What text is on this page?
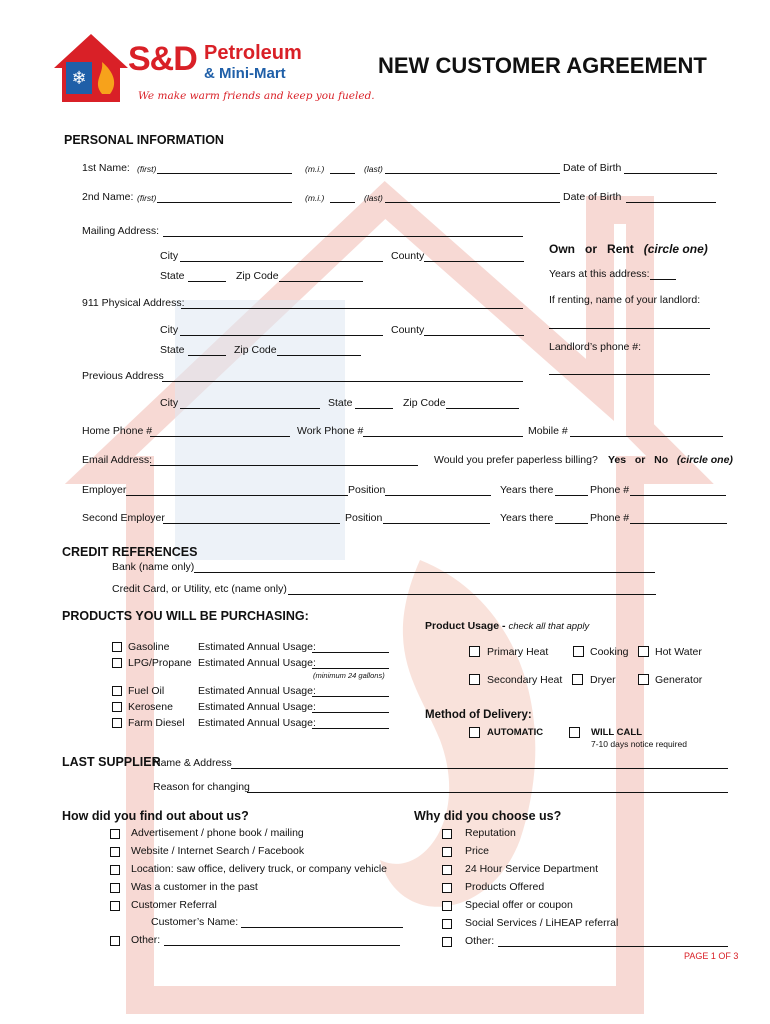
❄
S&D Petroleum
& Mini-Mart
We make warm friends and keep you fueled.
NEW CUSTOMER AGREEMENT
PERSONAL INFORMATION
1st Name: (first)	(m.i.)	(last)	Date of Birth
2nd Name: (first)	(m.i.)	(last)	Date of Birth
Mailing Address:
City	County
State	Zip Code
911 Physical Address:
City	County
State	Zip Code
Previous Address
City	State	Zip Code
Own or Rent (circle one)
Years at this address:
If renting, name of your landlord:
Landlord’s phone #:
Home Phone #	Work Phone #	Mobile #
Email Address:	Would you prefer paperless billing? Yes or No (circle one)
Employer	Position	Years there	Phone #
Second Employer	Position	Years there	Phone #
CREDIT REFERENCES
Bank (name only)
Credit Card, or Utility, etc (name only)
PRODUCTS YOU WILL BE PURCHASING:
Gasoline	Estimated Annual Usage:
LPG/Propane Estimated Annual Usage:
(minimum 24 gallons)
Fuel Oil	Estimated Annual Usage:
Kerosene Estimated Annual Usage:
Farm Diesel Estimated Annual Usage:
Product Usage - check all that apply
Primary Heat	Cooking	Hot Water
Secondary Heat	Dryer	Generator
Method of Delivery:
AUTOMATIC	WILL CALL
7-10 days notice required
LAST SUPPLIER
Name & Address
Reason for changing
How did you find out about us?	Why did you choose us?
Advertisement / phone book / mailing
Website / Internet Search / Facebook
Location: saw office, delivery truck, or company vehicle
Was a customer in the past
Customer Referral
Customer’s Name:
Other:
Reputation
Price
24 Hour Service Department
Products Offered
Special offer or coupon
Social Services / LiHEAP referral
Other:
PAGE 1 OF 3
